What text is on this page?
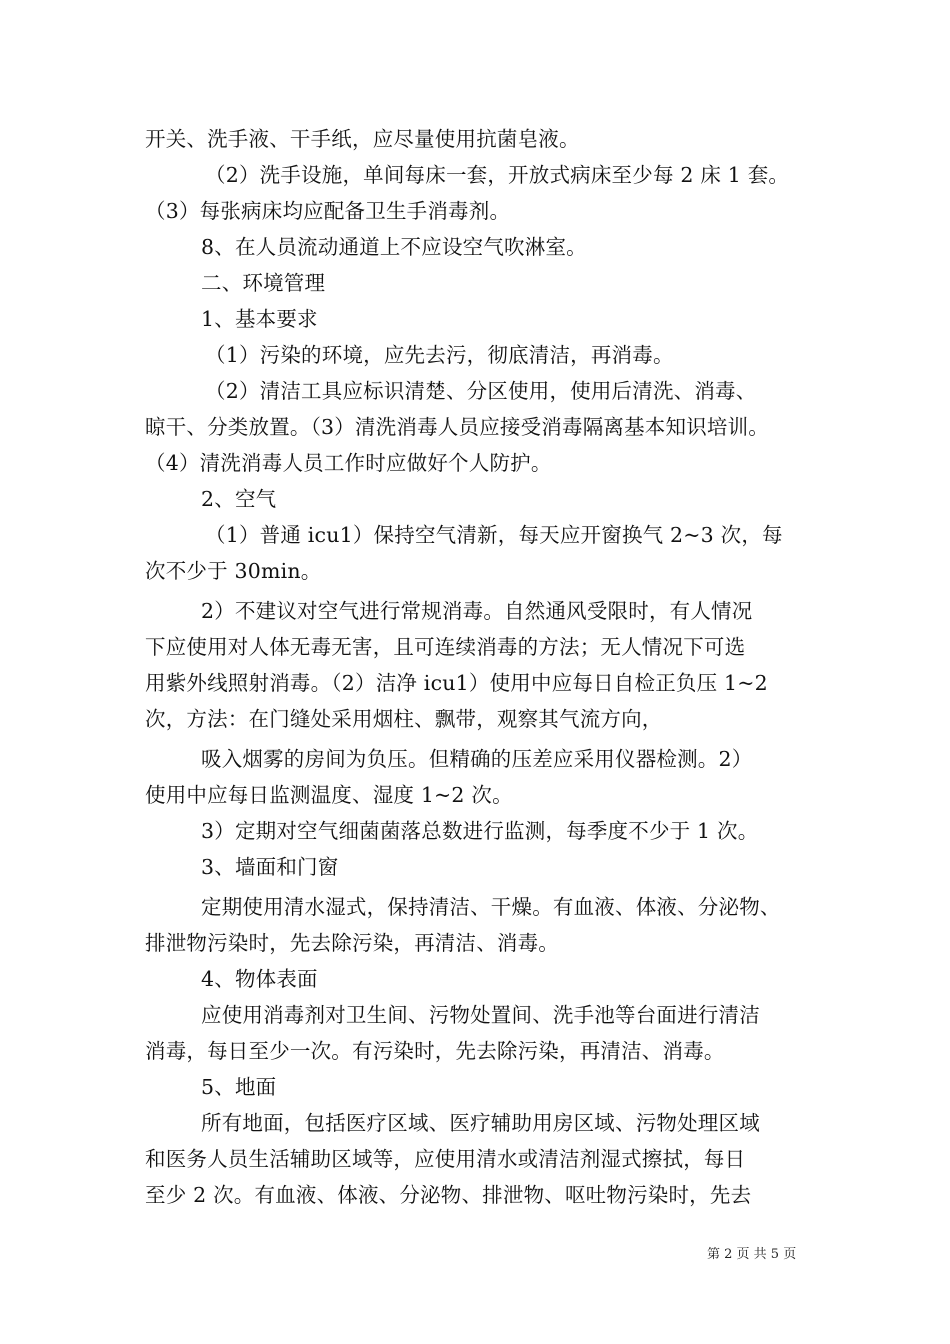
开关、洗手液、干手纸，应尽量使用抗菌皂液。
（2）洗手设施，单间每床一套，开放式病床至少每 2 床 1 套。
（3）每张病床均应配备卫生手消毒剂。
8、在人员流动通道上不应设空气吹淋室。
二、环境管理
1、基本要求
（1）污染的环境，应先去污，彻底清洁，再消毒。
（2）清洁工具应标识清楚、分区使用，使用后清洗、消毒、
晾干、分类放置。（3）清洗消毒人员应接受消毒隔离基本知识培训。
（4）清洗消毒人员工作时应做好个人防护。
2、空气
（1）普通 icu1）保持空气清新，每天应开窗换气 2~3 次，每
次不少于 30min。
2）不建议对空气进行常规消毒。自然通风受限时，有人情况
下应使用对人体无毒无害，且可连续消毒的方法；无人情况下可选
用紫外线照射消毒。（2）洁净 icu1）使用中应每日自检正负压 1~2
次，方法：在门缝处采用烟柱、飘带，观察其气流方向，
吸入烟雾的房间为负压。但精确的压差应采用仪器检测。2）
使用中应每日监测温度、湿度 1~2 次。
3）定期对空气细菌菌落总数进行监测，每季度不少于 1 次。
3、墙面和门窗
定期使用清水湿式，保持清洁、干燥。有血液、体液、分泌物、
排泄物污染时，先去除污染，再清洁、消毒。
4、物体表面
应使用消毒剂对卫生间、污物处置间、洗手池等台面进行清洁
消毒，每日至少一次。有污染时，先去除污染，再清洁、消毒。
5、地面
所有地面，包括医疗区域、医疗辅助用房区域、污物处理区域
和医务人员生活辅助区域等，应使用清水或清洁剂湿式擦拭，每日
至少 2 次。有血液、体液、分泌物、排泄物、呕吐物污染时，先去
第 2 页 共 5 页
